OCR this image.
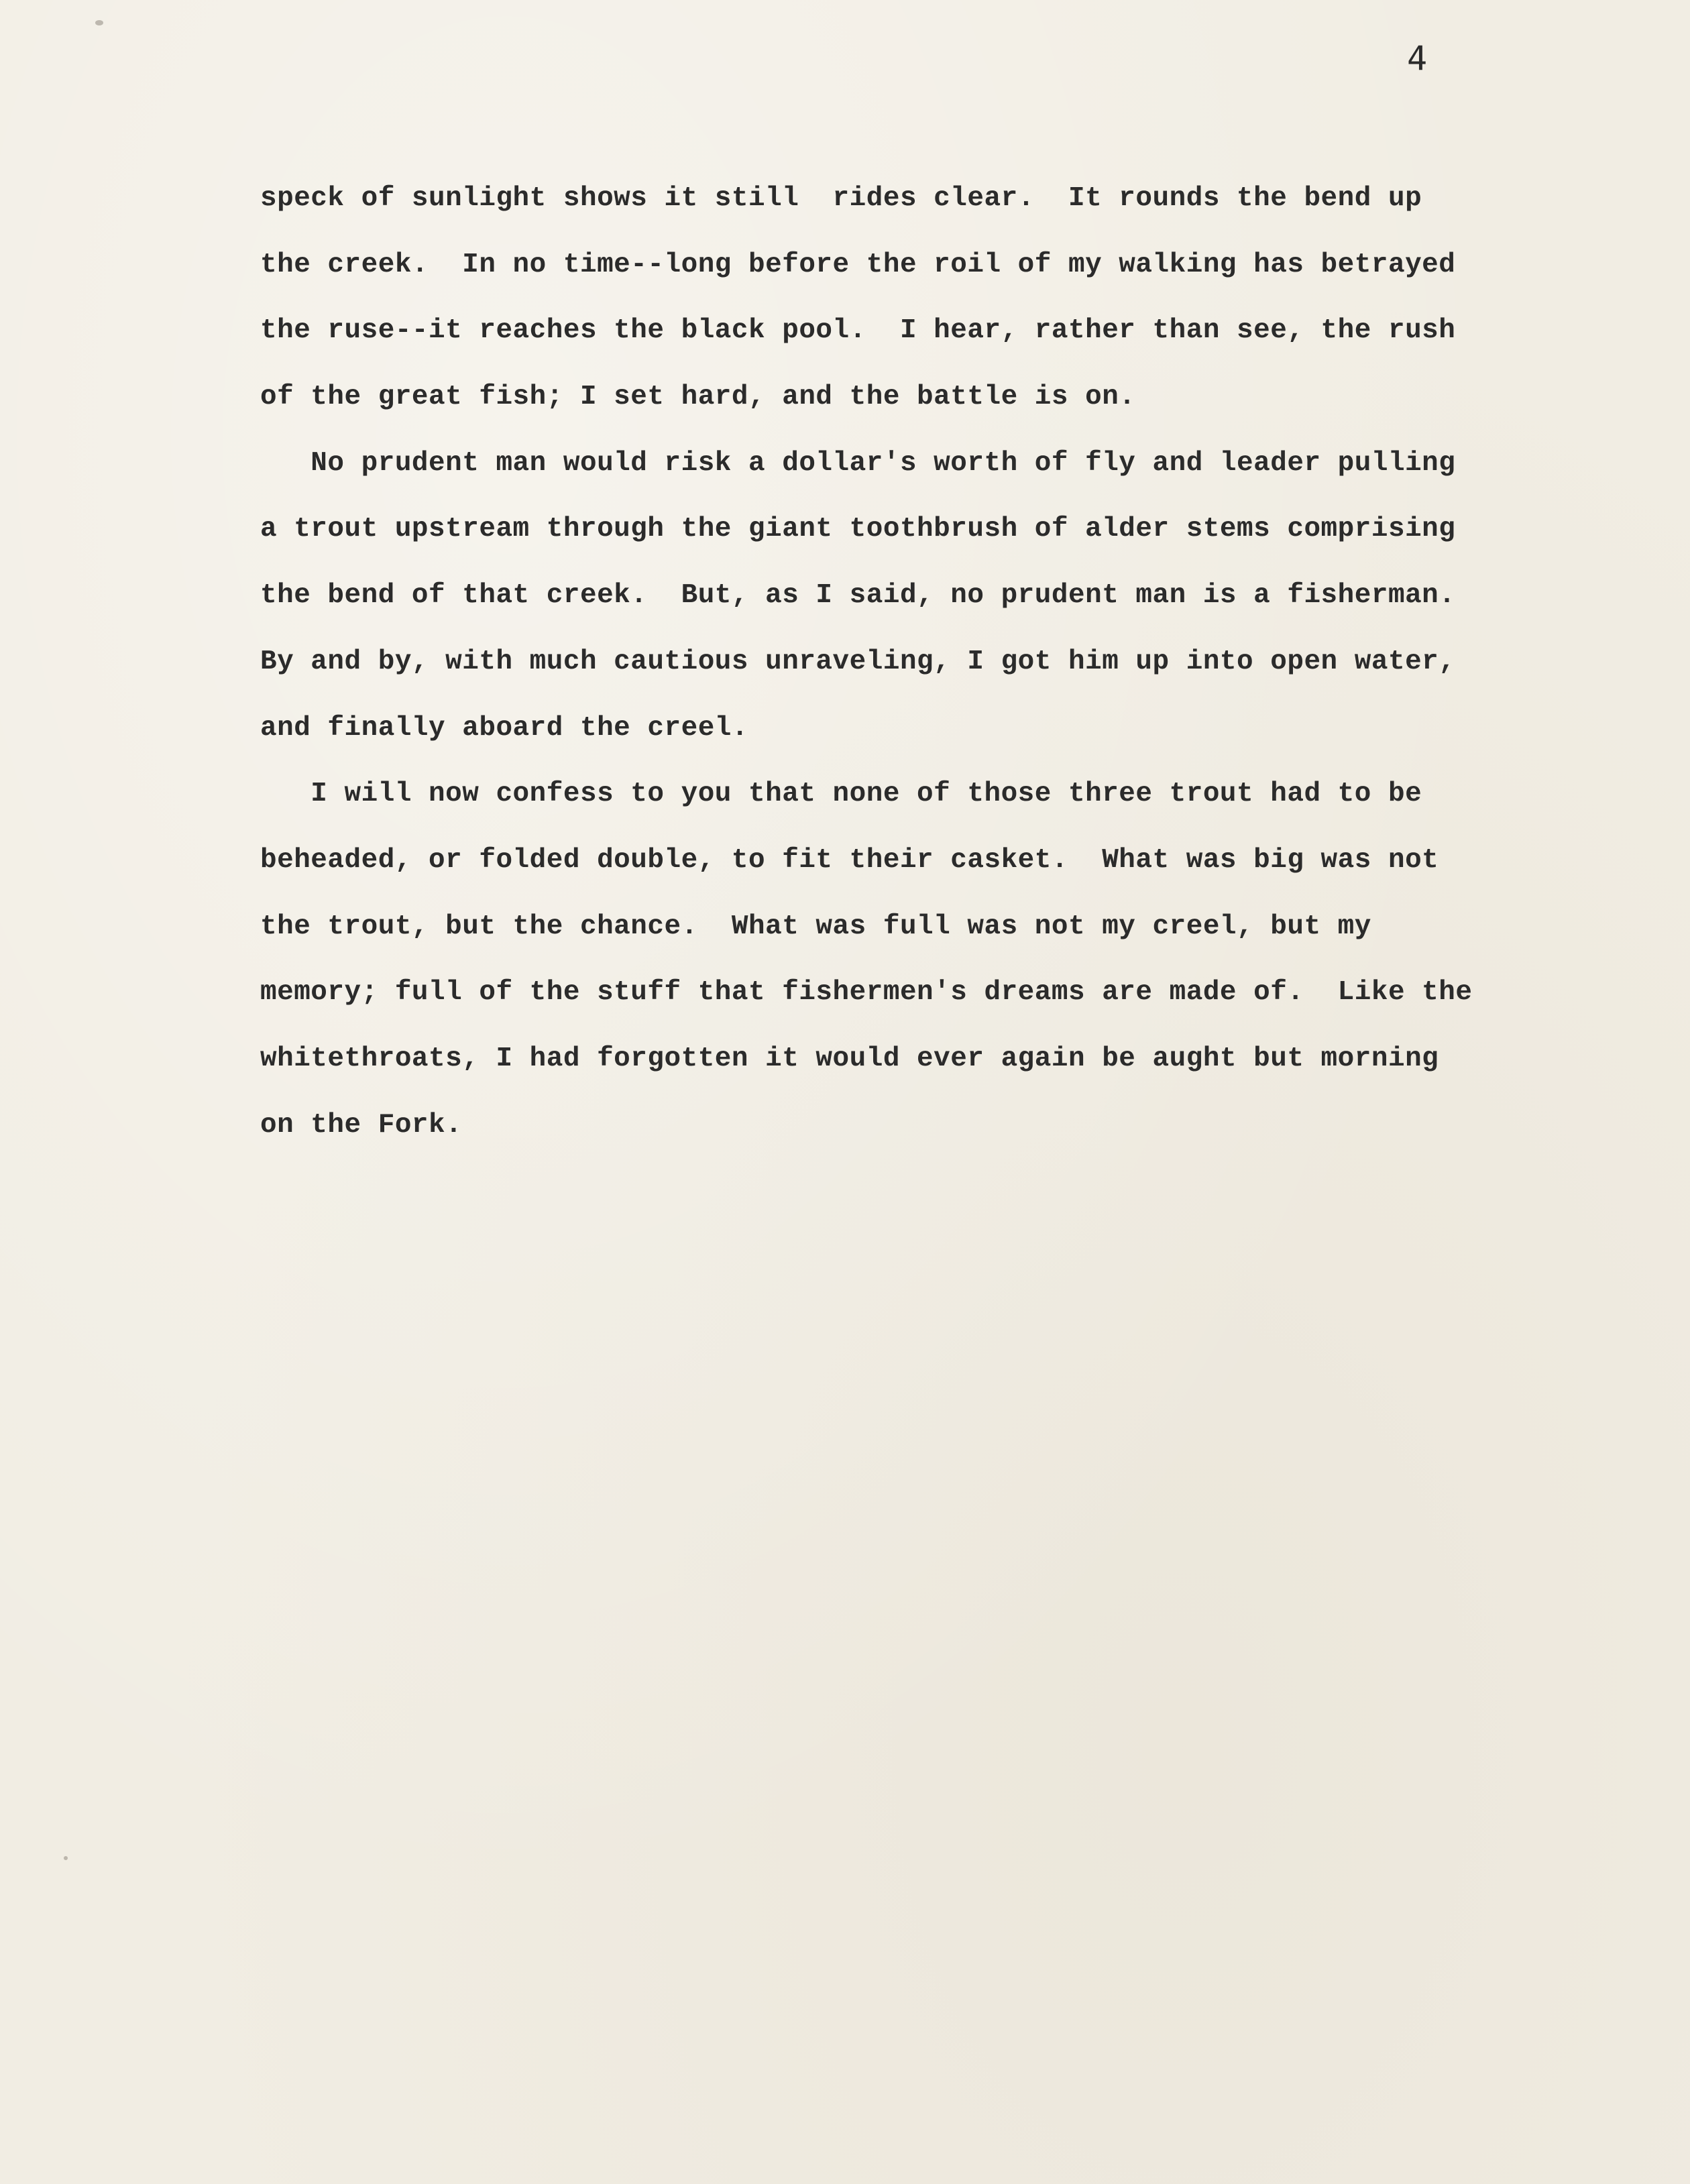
4
speck of sunlight shows it still  rides clear.  It rounds the bend up
the creek.  In no time--long before the roil of my walking has betrayed
the ruse--it reaches the black pool.  I hear, rather than see, the rush
of the great fish; I set hard, and the battle is on.
No prudent man would risk a dollar's worth of fly and leader pulling
a trout upstream through the giant toothbrush of alder stems comprising
the bend of that creek.  But, as I said, no prudent man is a fisherman.
By and by, with much cautious unraveling, I got him up into open water,
and finally aboard the creel.
I will now confess to you that none of those three trout had to be
beheaded, or folded double, to fit their casket.  What was big was not
the trout, but the chance.  What was full was not my creel, but my
memory; full of the stuff that fishermen's dreams are made of.  Like the
whitethroats, I had forgotten it would ever again be aught but morning
on the Fork.
